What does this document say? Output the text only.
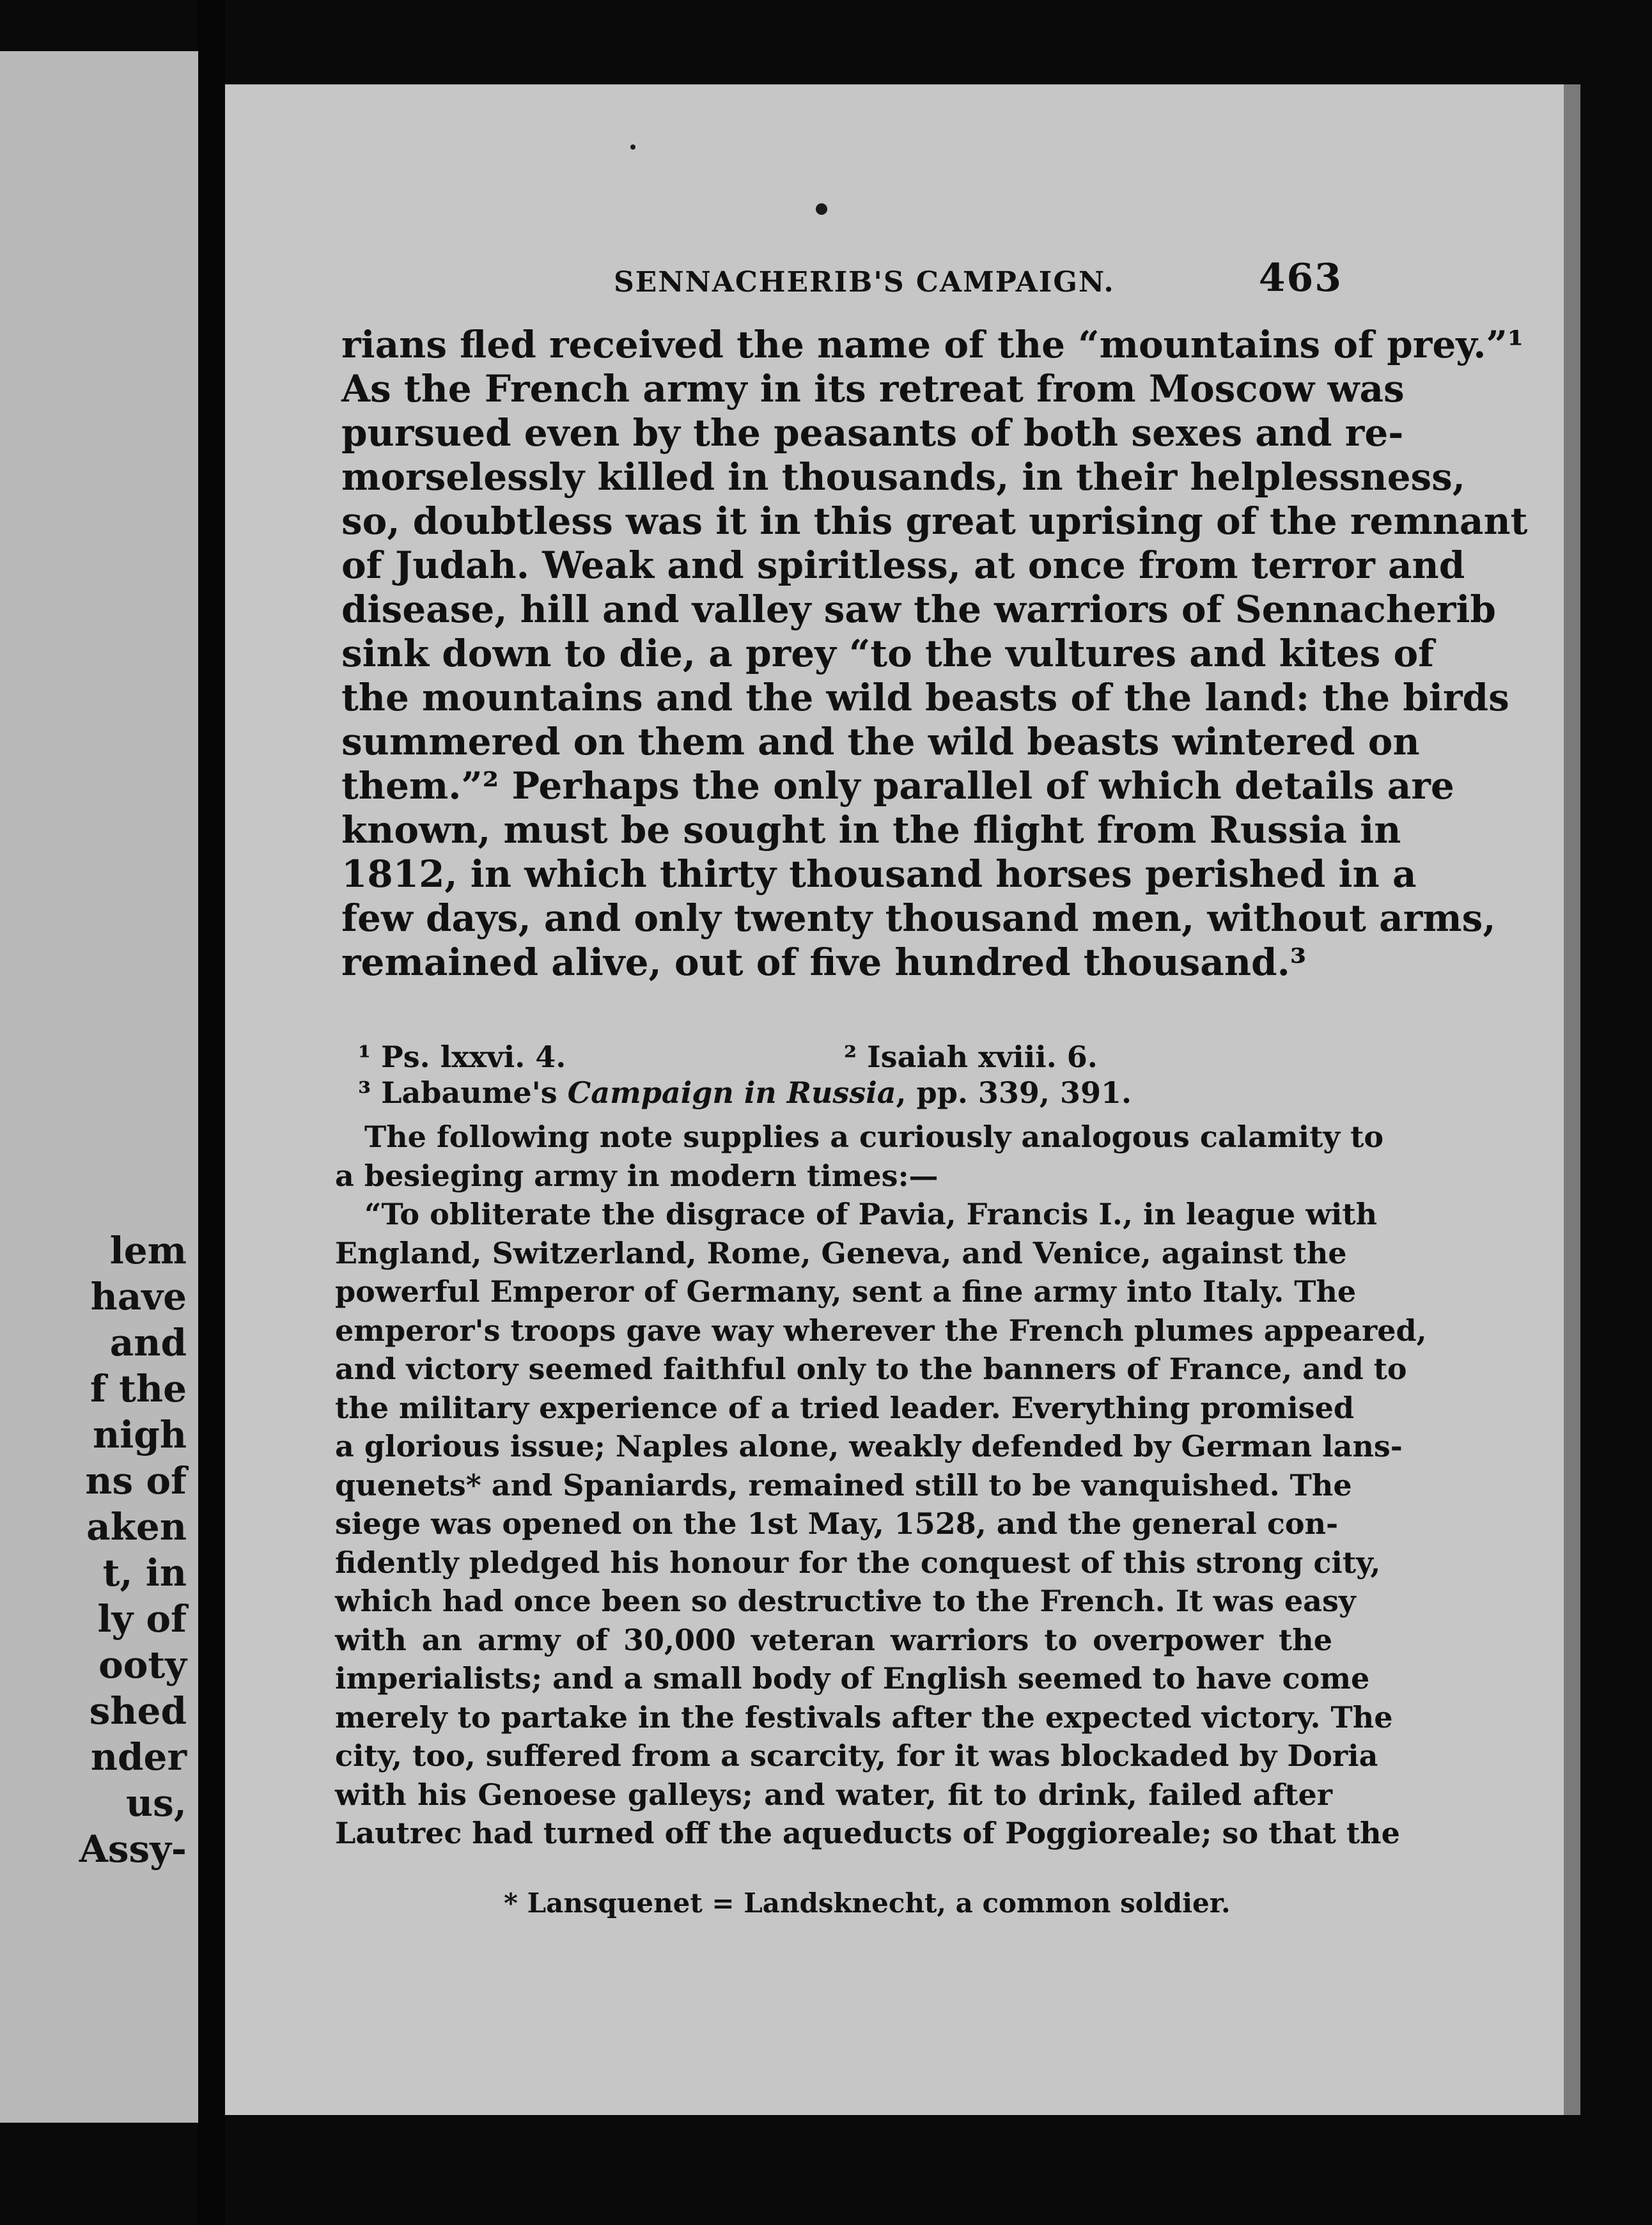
lem
have
and
f the
nigh
ns of
aken
t, in
ly of
ooty
shed
nder
us,
Assy-
SENNACHERIB'S CAMPAIGN.	463
rians fled received the name of the “mountains of prey.”¹
As the French army in its retreat from Moscow was
pursued even by the peasants of both sexes and re-
morselessly killed in thousands, in their helplessness,
so, doubtless was it in this great uprising of the remnant
of Judah. Weak and spiritless, at once from terror and
disease, hill and valley saw the warriors of Sennacherib
sink down to die, a prey “to the vultures and kites of
the mountains and the wild beasts of the land: the birds
summered on them and the wild beasts wintered on
them.”² Perhaps the only parallel of which details are
known, must be sought in the flight from Russia in
1812, in which thirty thousand horses perished in a
few days, and only twenty thousand men, without arms,
remained alive, out of five hundred thousand.³
¹ Ps. lxxvi. 4.	² Isaiah xviii. 6.
³ Labaume's Campaign in Russia, pp. 339, 391.
The following note supplies a curiously analogous calamity to
a besieging army in modern times:—
“To obliterate the disgrace of Pavia, Francis I., in league with
England, Switzerland, Rome, Geneva, and Venice, against the
powerful Emperor of Germany, sent a fine army into Italy. The
emperor's troops gave way wherever the French plumes appeared,
and victory seemed faithful only to the banners of France, and to
the military experience of a tried leader. Everything promised
a glorious issue; Naples alone, weakly defended by German lans-
quenets* and Spaniards, remained still to be vanquished. The
siege was opened on the 1st May, 1528, and the general con-
fidently pledged his honour for the conquest of this strong city,
which had once been so destructive to the French. It was easy
with an army of 30,000 veteran warriors to overpower the
imperialists; and a small body of English seemed to have come
merely to partake in the festivals after the expected victory. The
city, too, suffered from a scarcity, for it was blockaded by Doria
with his Genoese galleys; and water, fit to drink, failed after
Lautrec had turned off the aqueducts of Poggioreale; so that the
* Lansquenet = Landsknecht, a common soldier.
